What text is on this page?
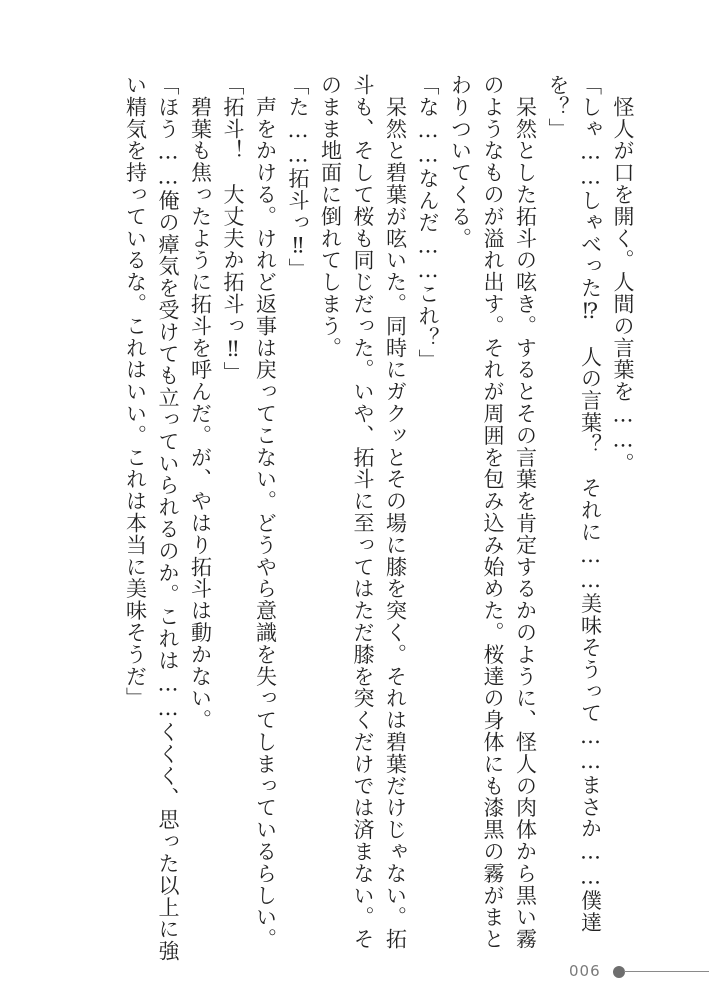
　怪人が口を開く。人間の言葉を……。
「しゃ……しゃべった⁉　人の言葉？　それに……美味そうって……まさか……僕達
を？」
　呆然とした拓斗の呟き。するとその言葉を肯定するかのように、怪人の肉体から黒い霧
のようなものが溢れ出す。それが周囲を包み込み始めた。桜達の身体にも漆黒の霧がまと
わりついてくる。
「な……なんだ……これ？」
　呆然と碧葉が呟いた。同時にガクッとその場に膝を突く。それは碧葉だけじゃない。拓
斗も、そして桜も同じだった。いや、拓斗に至ってはただ膝を突くだけでは済まない。そ
のまま地面に倒れてしまう。
「た……拓斗っ‼」
　声をかける。けれど返事は戻ってこない。どうやら意識を失ってしまっているらしい。
「拓斗！　大丈夫か拓斗っ‼」
　碧葉も焦ったように拓斗を呼んだ。が、やはり拓斗は動かない。
「ほう……俺の瘴気を受けても立っていられるのか。これは……くくく、思った以上に強
い精気を持っているな。これはいい。これは本当に美味そうだ」
006
